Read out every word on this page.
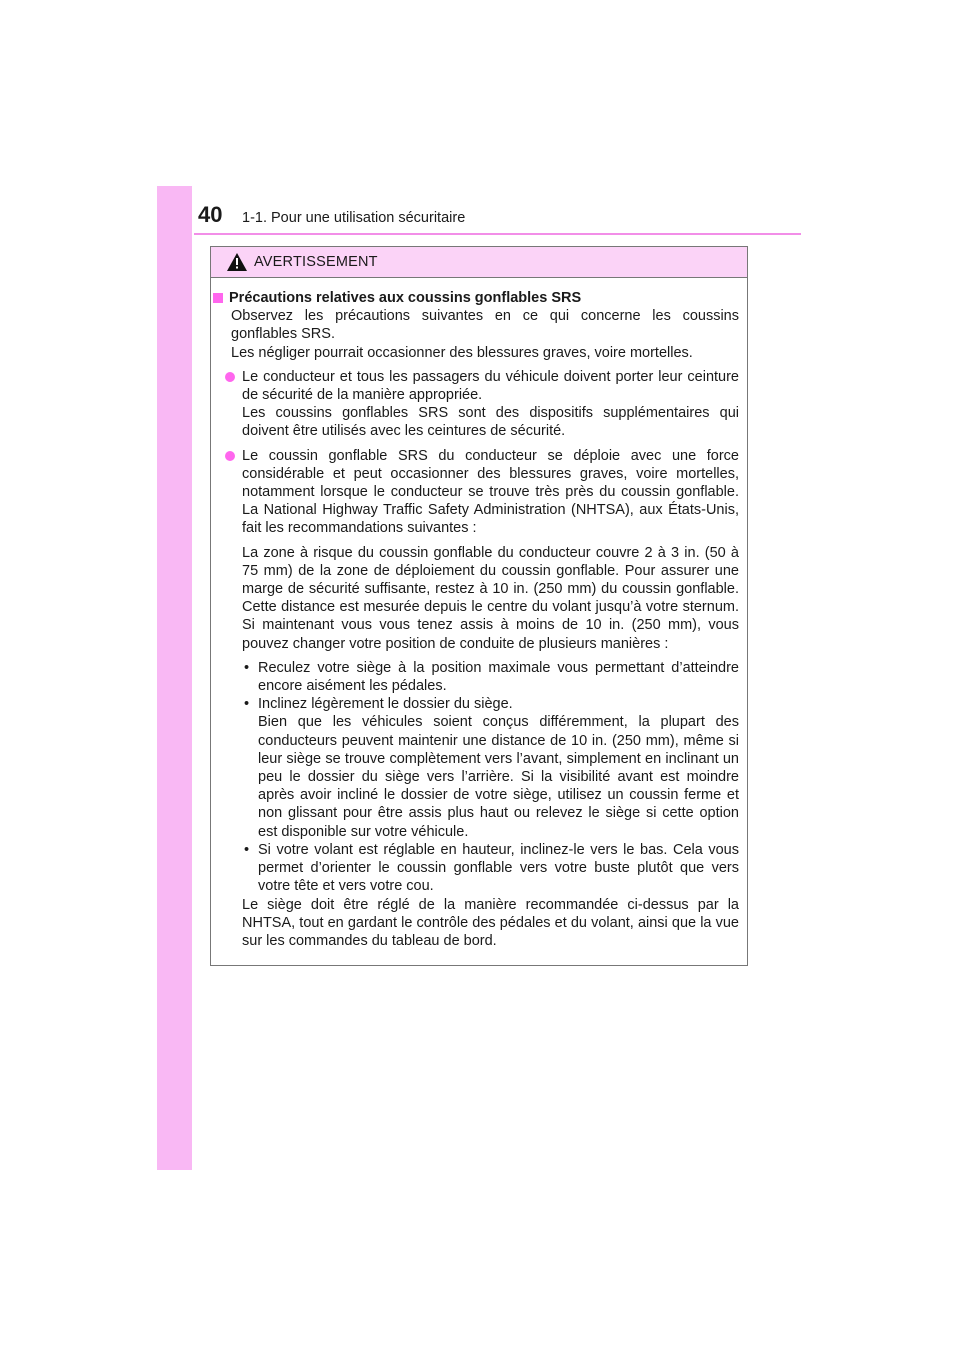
40 1-1. Pour une utilisation sécuritaire
AVERTISSEMENT

Précautions relatives aux coussins gonflables SRS

Observez les précautions suivantes en ce qui concerne les coussins gonflables SRS.

Les négliger pourrait occasionner des blessures graves, voire mortelles.

Le conducteur et tous les passagers du véhicule doivent porter leur ceinture de sécurité de la manière appropriée.

Les coussins gonflables SRS sont des dispositifs supplémentaires qui doivent être utilisés avec les ceintures de sécurité.

Le coussin gonflable SRS du conducteur se déploie avec une force considérable et peut occasionner des blessures graves, voire mortelles, notamment lorsque le conducteur se trouve très près du coussin gonflable. La National Highway Traffic Safety Administration (NHTSA), aux États-Unis, fait les recommandations suivantes :

La zone à risque du coussin gonflable du conducteur couvre 2 à 3 in. (50 à 75 mm) de la zone de déploiement du coussin gonflable. Pour assurer une marge de sécurité suffisante, restez à 10 in. (250 mm) du coussin gonflable. Cette distance est mesurée depuis le centre du volant jusqu’à votre sternum. Si maintenant vous vous tenez assis à moins de 10 in. (250 mm), vous pouvez changer votre position de conduite de plusieurs manières :

• Reculez votre siège à la position maximale vous permettant d’atteindre encore aisément les pédales.

• Inclinez légèrement le dossier du siège.

Bien que les véhicules soient conçus différemment, la plupart des conducteurs peuvent maintenir une distance de 10 in. (250 mm), même si leur siège se trouve complètement vers l’avant, simplement en inclinant un peu le dossier du siège vers l’arrière. Si la visibilité avant est moindre après avoir incliné le dossier de votre siège, utilisez un coussin ferme et non glissant pour être assis plus haut ou relevez le siège si cette option est disponible sur votre véhicule.

• Si votre volant est réglable en hauteur, inclinez-le vers le bas. Cela vous permet d’orienter le coussin gonflable vers votre buste plutôt que vers votre tête et vers votre cou.

Le siège doit être réglé de la manière recommandée ci-dessus par la NHTSA, tout en gardant le contrôle des pédales et du volant, ainsi que la vue sur les commandes du tableau de bord.
